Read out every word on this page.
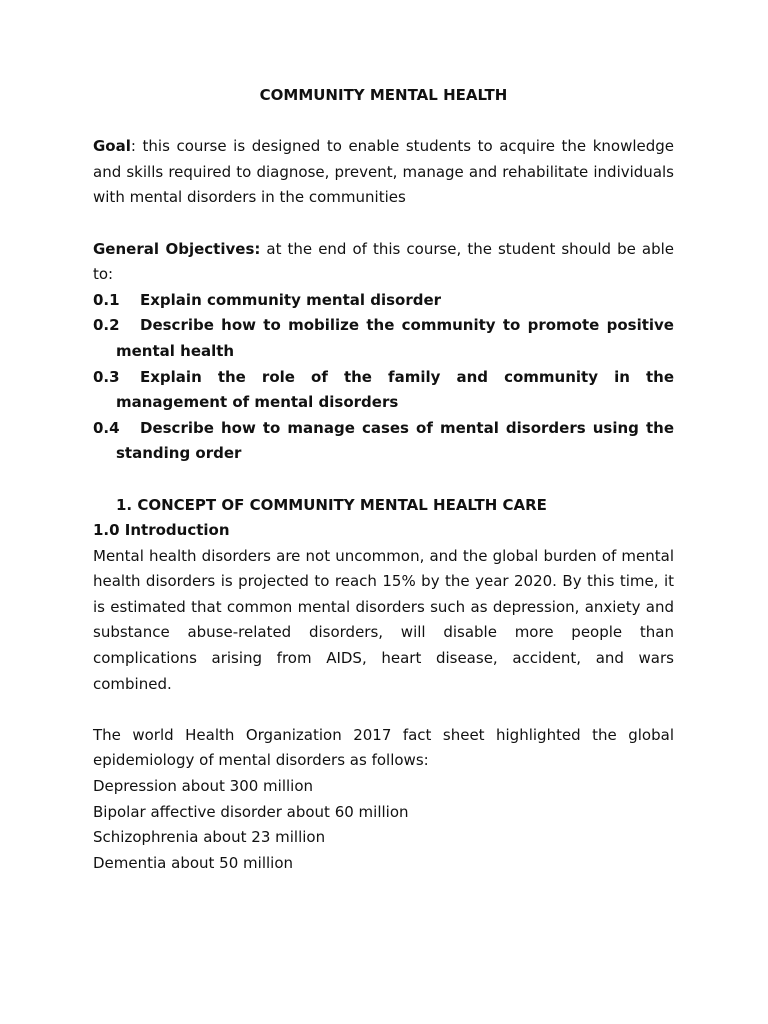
COMMUNITY MENTAL HEALTH

Goal: this course is designed to enable students to acquire the knowledge and skills required to diagnose, prevent, manage and rehabilitate individuals with mental disorders in the communities

General Objectives: at the end of this course, the student should be able to:

0.1 Explain community mental disorder

0.2 Describe how to mobilize the community to promote positive mental health

0.3 Explain the role of the family and community in the management of mental disorders

0.4 Describe how to manage cases of mental disorders using the standing order

1. CONCEPT OF COMMUNITY MENTAL HEALTH CARE

1.0 Introduction

Mental health disorders are not uncommon, and the global burden of mental health disorders is projected to reach 15% by the year 2020. By this time, it is estimated that common mental disorders such as depression, anxiety and substance abuse-related disorders, will disable more people than complications arising from AIDS, heart disease, accident, and wars combined.

The world Health Organization 2017 fact sheet highlighted the global epidemiology of mental disorders as follows:

Depression about 300 million

Bipolar affective disorder about 60 million

Schizophrenia about 23 million

Dementia about 50 million
